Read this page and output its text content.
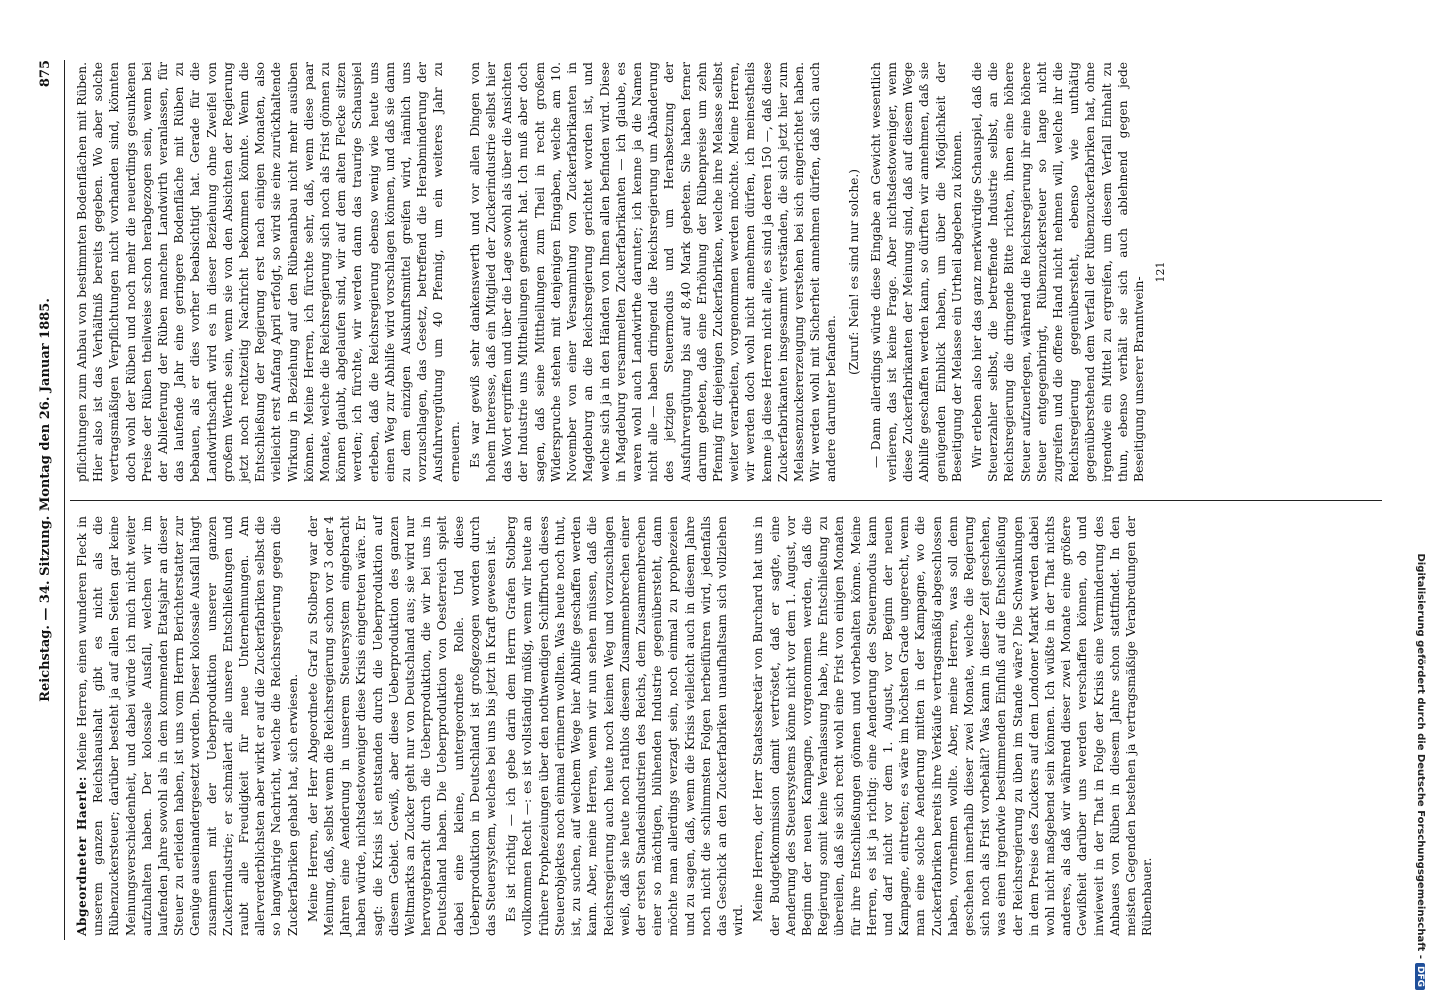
Reichstag. — 34. Sitzung. Montag den 26. Januar 1885.
875

Abgeordneter Haerle: Meine Herren, einen wunderen Fleck in unserem ganzen Reichshaushalt gibt es nicht als die Rübenzuckersteuer; darüber besteht ja auf allen Seiten gar keine Meinungsverschiedenheit, und dabei würde ich mich nicht weiter aufzuhalten haben. Der kolossale Ausfall, welchen wir im laufenden Jahre sowohl als in dem kommenden Etatsjahr an dieser Steuer zu erleiden haben, ist uns vom Herrn Berichterstatter zur Genüge auseinandergesetzt worden. Dieser kolossale Ausfall hängt zusammen mit der Ueberproduktion unserer ganzen Zuckerindustrie; er schmälert alle unsere Entschließungen und raubt alle Freudigkeit für neue Unternehmungen. Am allerverderblichsten aber wirkt er auf die Zuckerfabriken selbst die so langwährige Nachricht, welche die Reichsregierung gegen die Zuckerfabriken gehabt hat, sich erwiesen. Meine Herren, der Herr Abgeordnete Graf zu Stolberg war der Meinung, daß, selbst wenn die Reichsregierung schon vor 3 oder 4 Jahren eine Aenderung in unserem Steuersystem eingebracht haben würde, nichtsdestoweniger diese Krisis eingetreten wäre. Er sagt: die Krisis ist entstanden durch die Ueberproduktion auf diesem Gebiet. Gewiß, aber diese Ueberproduktion des ganzen Weltmarkts an Zucker geht nur von Deutschland aus; sie wird nur hervorgebracht durch die Ueberproduktion, die wir bei uns in Deutschland haben. Die Ueberproduktion von Oesterreich spielt dabei eine kleine, untergeordnete Rolle. Und diese Ueberproduktion in Deutschland ist großgezogen worden durch das Steuersystem, welches bei uns bis jetzt in Kraft gewesen ist. Es ist richtig — ich gebe darin dem Herrn Grafen Stolberg vollkommen Recht —: es ist vollständig müßig, wenn wir heute an frühere Prophezeiungen über den nothwendigen Schiffbruch dieses Steuerobjektes noch einmal erinnern wollten. Was heute noch thut, ist, zu suchen, auf welchem Wege hier Abhilfe geschaffen werden kann. Aber, meine Herren, wenn wir nun sehen müssen, daß die Reichsregierung auch heute noch keinen Weg und vorzuschlagen weiß, daß sie heute noch rathlos diesem Zusammenbrechen einer der ersten Standesindustrien des Reichs, dem Zusammenbrechen einer so mächtigen, blühenden Industrie gegenübersteht, dann möchte man allerdings verzagt sein, noch einmal zu prophezeien und zu sagen, daß, wenn die Krisis vielleicht auch in diesem Jahre noch nicht die schlimmsten Folgen herbeiführen wird, jedenfalls das Geschick an den Zuckerfabriken unaufhaltsam sich vollziehen wird. Meine Herren, der Herr Staatssekretär von Burchard hat uns in der Budgetkommission damit vertröstet, daß er sagte, eine Aenderung des Steuersystems könne nicht vor dem 1. August, vor Beginn der neuen Kampagne, vorgenommen werden, daß die Regierung somit keine Veranlassung habe, ihre Entschließung zu übereilen, daß sie sich recht wohl eine Frist von einigen Monaten für ihre Entschließungen gönnen und vorbehalten könne. Meine Herren, es ist ja richtig: eine Aenderung des Steuermodus kann und darf nicht vor dem 1. August, vor Beginn der neuen Kampagne, eintreten; es wäre im höchsten Grade ungerecht, wenn man eine solche Aenderung mitten in der Kampagne, wo die Zuckerfabriken bereits ihre Verkäufe vertragsmäßig abgeschlossen haben, vornehmen wollte. Aber, meine Herren, was soll denn geschehen innerhalb dieser zwei Monate, welche die Regierung sich noch als Frist vorbehält? Was kann in dieser Zeit geschehen, was einen irgendwie bestimmenden Einfluß auf die Entschließung der Reichsregierung zu üben im Stande wäre? Die Schwankungen in dem Preise des Zuckers auf dem Londoner Markt werden dabei wohl nicht maßgebend sein können. Ich wüßte in der That nichts anderes, als daß wir während dieser zwei Monate eine größere Gewißheit darüber uns werden verschaffen können, ob und inwieweit in der That in Folge der Krisis eine Verminderung des Anbaues von Rüben in diesem Jahre schon stattfindet. In den meisten Gegenden bestehen ja vertragsmäßige Verabredungen der Rübenbauer.

pflichtungen zum Anbau von bestimmten Bodenflächen mit Rüben. Hier also ist das Verhältniß bereits gegeben. Wo aber solche vertragsmäßigen Verpflichtungen nicht vorhanden sind, könnten doch wohl der Rüben und noch mehr die neuerdings gesunkenen Preise der Rüben theilweise schon herabgezogen sein, wenn bei der Ablieferung der Rüben manchen Landwirth veranlassen, für das laufende Jahr eine geringere Bodenfläche mit Rüben zu bebauen, als er dies vorher beabsichtigt hat. Gerade für die Landwirthschaft wird es in dieser Beziehung ohne Zweifel von großem Werthe sein, wenn sie von den Absichten der Regierung jetzt noch rechtzeitig Nachricht bekommen könnte. Wenn die Entschließung der Regierung erst nach einigen Monaten, also vielleicht erst Anfang April erfolgt, so wird sie eine zurückhaltende Wirkung in Beziehung auf den Rübenanbau nicht mehr ausüben können. Meine Herren, ich fürchte sehr, daß, wenn diese paar Monate, welche die Reichsregierung sich noch als Frist gönnen zu können glaubt, abgelaufen sind, wir auf dem alten Flecke sitzen werden; ich fürchte, wir werden dann das traurige Schauspiel erleben, daß die Reichsregierung ebenso wenig wie heute uns einen Weg zur Abhilfe wird vorschlagen können, und daß sie dann zu dem einzigen Auskunftsmittel greifen wird, nämlich uns vorzuschlagen, das Gesetz, betreffend die Herabminderung der Ausfuhrvergütung um 40 Pfennig, um ein weiteres Jahr zu erneuern. Es war gewiß sehr dankenswerth und vor allen Dingen von hohem Interesse, daß ein Mitglied der Zuckerindustrie selbst hier das Wort ergriffen und über die Lage sowohl als über die Ansichten der Industrie uns Mittheilungen gemacht hat. Ich muß aber doch sagen, daß seine Mittheilungen zum Theil in recht großem Widerspruche stehen mit denjenigen Eingaben, welche am 10. November von einer Versammlung von Zuckerfabrikanten in Magdeburg an die Reichsregierung gerichtet worden ist, und welche sich ja in den Händen von Ihnen allen befinden wird. Diese in Magdeburg versammelten Zuckerfabrikanten — ich glaube, es waren wohl auch Landwirthe darunter; ich kenne ja die Namen nicht alle — haben dringend die Reichsregierung um Abänderung des jetzigen Steuermodus und um Herabsetzung der Ausfuhrvergütung bis auf 8,40 Mark gebeten. Sie haben ferner darum gebeten, daß eine Erhöhung der Rübenpreise um zehn Pfennig für diejenigen Zuckerfabriken, welche ihre Melasse selbst weiter verarbeiten, vorgenommen werden möchte. Meine Herren, wir werden doch wohl nicht annehmen dürfen, ich meinestheils kenne ja diese Herren nicht alle, es sind ja deren 150 —, daß diese Zuckerfabrikanten insgesammt verständen, die sich jetzt hier zum Melassenzuckererzeugung verstehen bei sich eingerichtet haben. Wir werden wohl mit Sicherheit annehmen dürfen, daß sich auch andere darunter befanden.

(Zuruf: Nein! es sind nur solche.) — Dann allerdings würde diese Eingabe an Gewicht wesentlich verlieren, das ist keine Frage. Aber nichtsdestoweniger, wenn diese Zuckerfabrikanten der Meinung sind, daß auf diesem Wege Abhilfe geschaffen werden kann, so dürften wir annehmen, daß sie genügenden Einblick haben, um über die Möglichkeit der Beseitigung der Melasse ein Urtheil abgeben zu können. Wir erleben also hier das ganz merkwürdige Schauspiel, daß die Steuerzahler selbst, die betreffende Industrie selbst, an die Reichsregierung die dringende Bitte richten, ihnen eine höhere Steuer aufzuerlegen, während die Reichsregierung ihr eine höhere Steuer entgegenbringt, Rübenzuckersteuer so lange nicht zugreifen und die offene Hand nicht nehmen will, welche ihr die Reichsregierung gegenübersteht, ebenso wie unthätig gegenüberstehend dem Verfall der Rübenzuckerfabriken hat, ohne irgendwie ein Mittel zu ergreifen, um diesem Verfall Einhalt zu thun, ebenso verhält sie sich auch ablehnend gegen jede Beseitigung unserer Branntwein-

121
Digitalisierung gefördert durch die Deutsche Forschungsgemeinschaft -DFG
